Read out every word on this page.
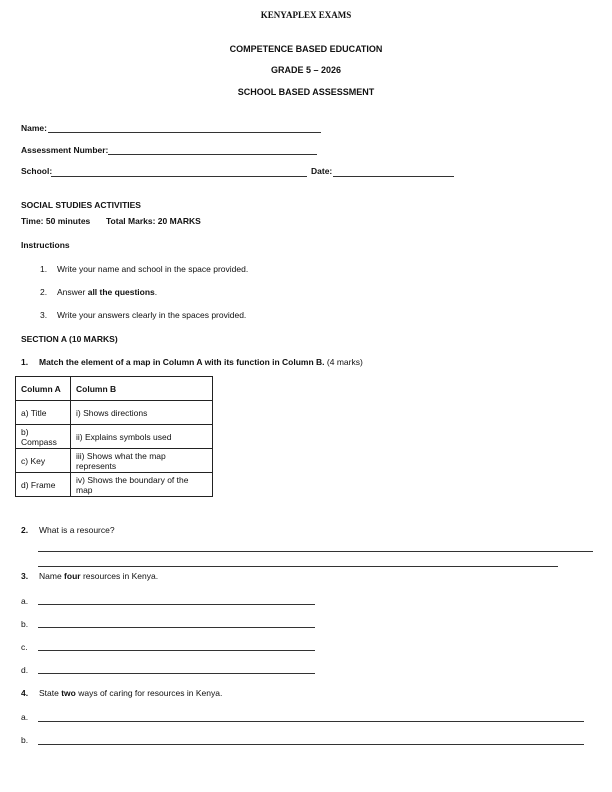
KENYAPLEX EXAMS
COMPETENCE BASED EDUCATION
GRADE 5 – 2026
SCHOOL BASED ASSESSMENT
Name:
Assessment Number:
School:	Date:
SOCIAL STUDIES ACTIVITIES
Time: 50 minutes Total Marks: 20 MARKS
Instructions
1. Write your name and school in the space provided.
2. Answer all the questions.
3. Write your answers clearly in the spaces provided.
SECTION A (10 MARKS)
1. Match the element of a map in Column A with its function in Column B. (4 marks)
Column A	Column B
a) Title	i) Shows directions
b) Compass	ii) Explains symbols used
c) Key	iii) Shows what the map represents
d) Frame	iv) Shows the boundary of the map
2. What is a resource?
3. Name four resources in Kenya.
a.
b.
c.
d.
4. State two ways of caring for resources in Kenya.
a.
b.
